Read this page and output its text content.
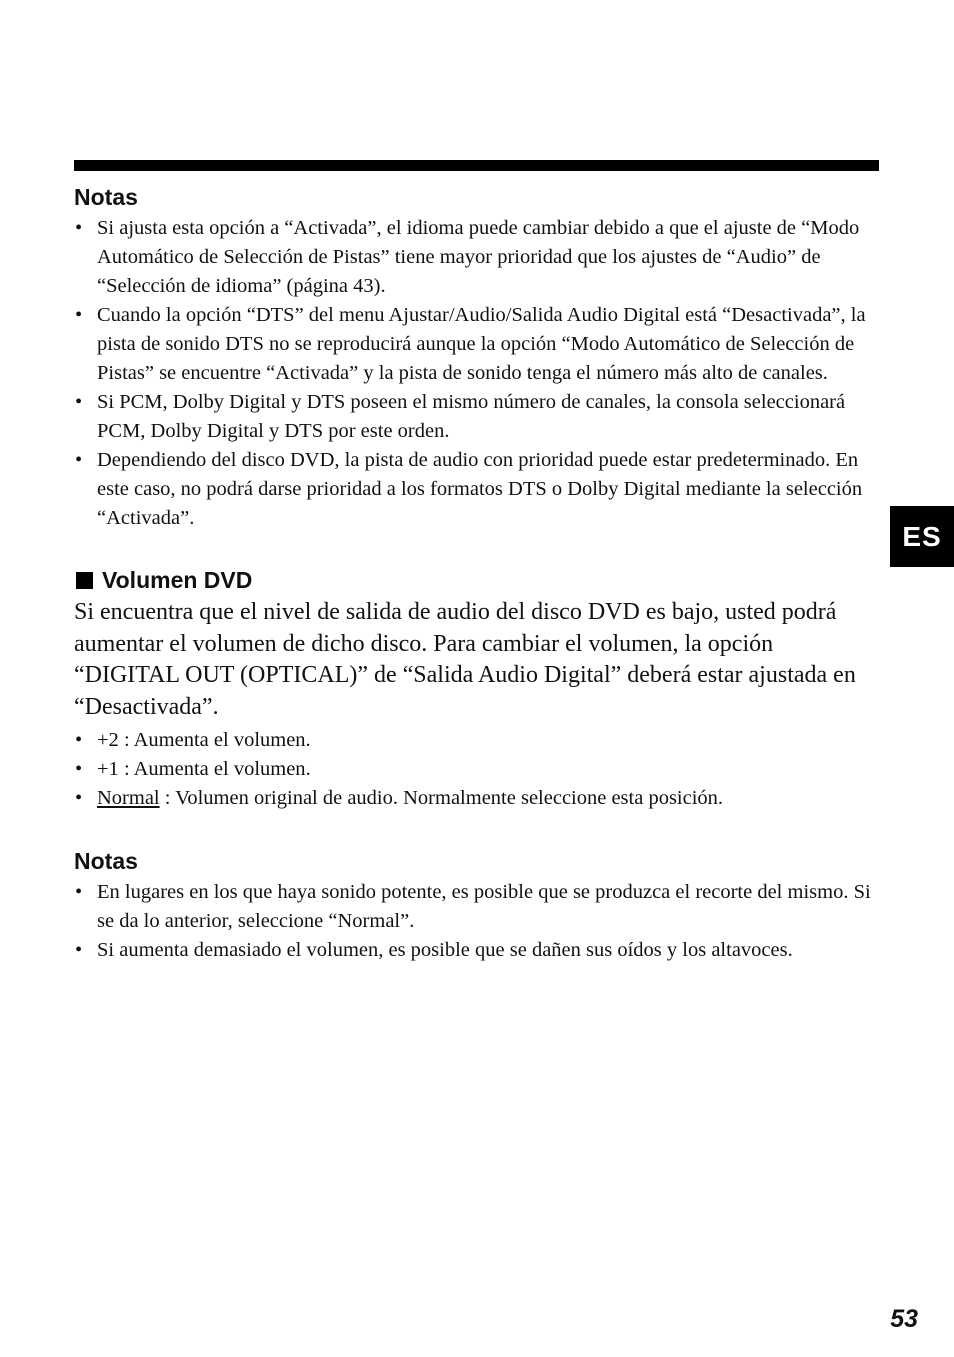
Notas
• Si ajusta esta opción a “Activada”, el idioma puede cambiar debido a que el ajuste de “Modo Automático de Selección de Pistas” tiene mayor prioridad que los ajustes de “Audio” de “Selección de idioma” (página 43).
• Cuando la opción “DTS” del menu Ajustar/Audio/Salida Audio Digital está “Desactivada”, la pista de sonido DTS no se reproducirá aunque la opción “Modo Automático de Selección de Pistas” se encuentre “Activada” y la pista de sonido tenga el número más alto de canales.
• Si PCM, Dolby Digital y DTS poseen el mismo número de canales, la consola seleccionará PCM, Dolby Digital y DTS por este orden.
• Dependiendo del disco DVD, la pista de audio con prioridad puede estar predeterminado. En este caso, no podrá darse prioridad a los formatos DTS o Dolby Digital mediante la selección “Activada”.
Volumen DVD

Si encuentra que el nivel de salida de audio del disco DVD es bajo, usted podrá aumentar el volumen de dicho disco. Para cambiar el volumen, la opción “DIGITAL OUT (OPTICAL)” de “Salida Audio Digital” deberá estar ajustada en “Desactivada”.

• +2 : Aumenta el volumen.
• +1 : Aumenta el volumen.
• Normal : Volumen original de audio. Normalmente seleccione esta posición.
Notas
• En lugares en los que haya sonido potente, es posible que se produzca el recorte del mismo. Si se da lo anterior, seleccione “Normal”.
• Si aumenta demasiado el volumen, es posible que se dañen sus oídos y los altavoces.
ES
53
